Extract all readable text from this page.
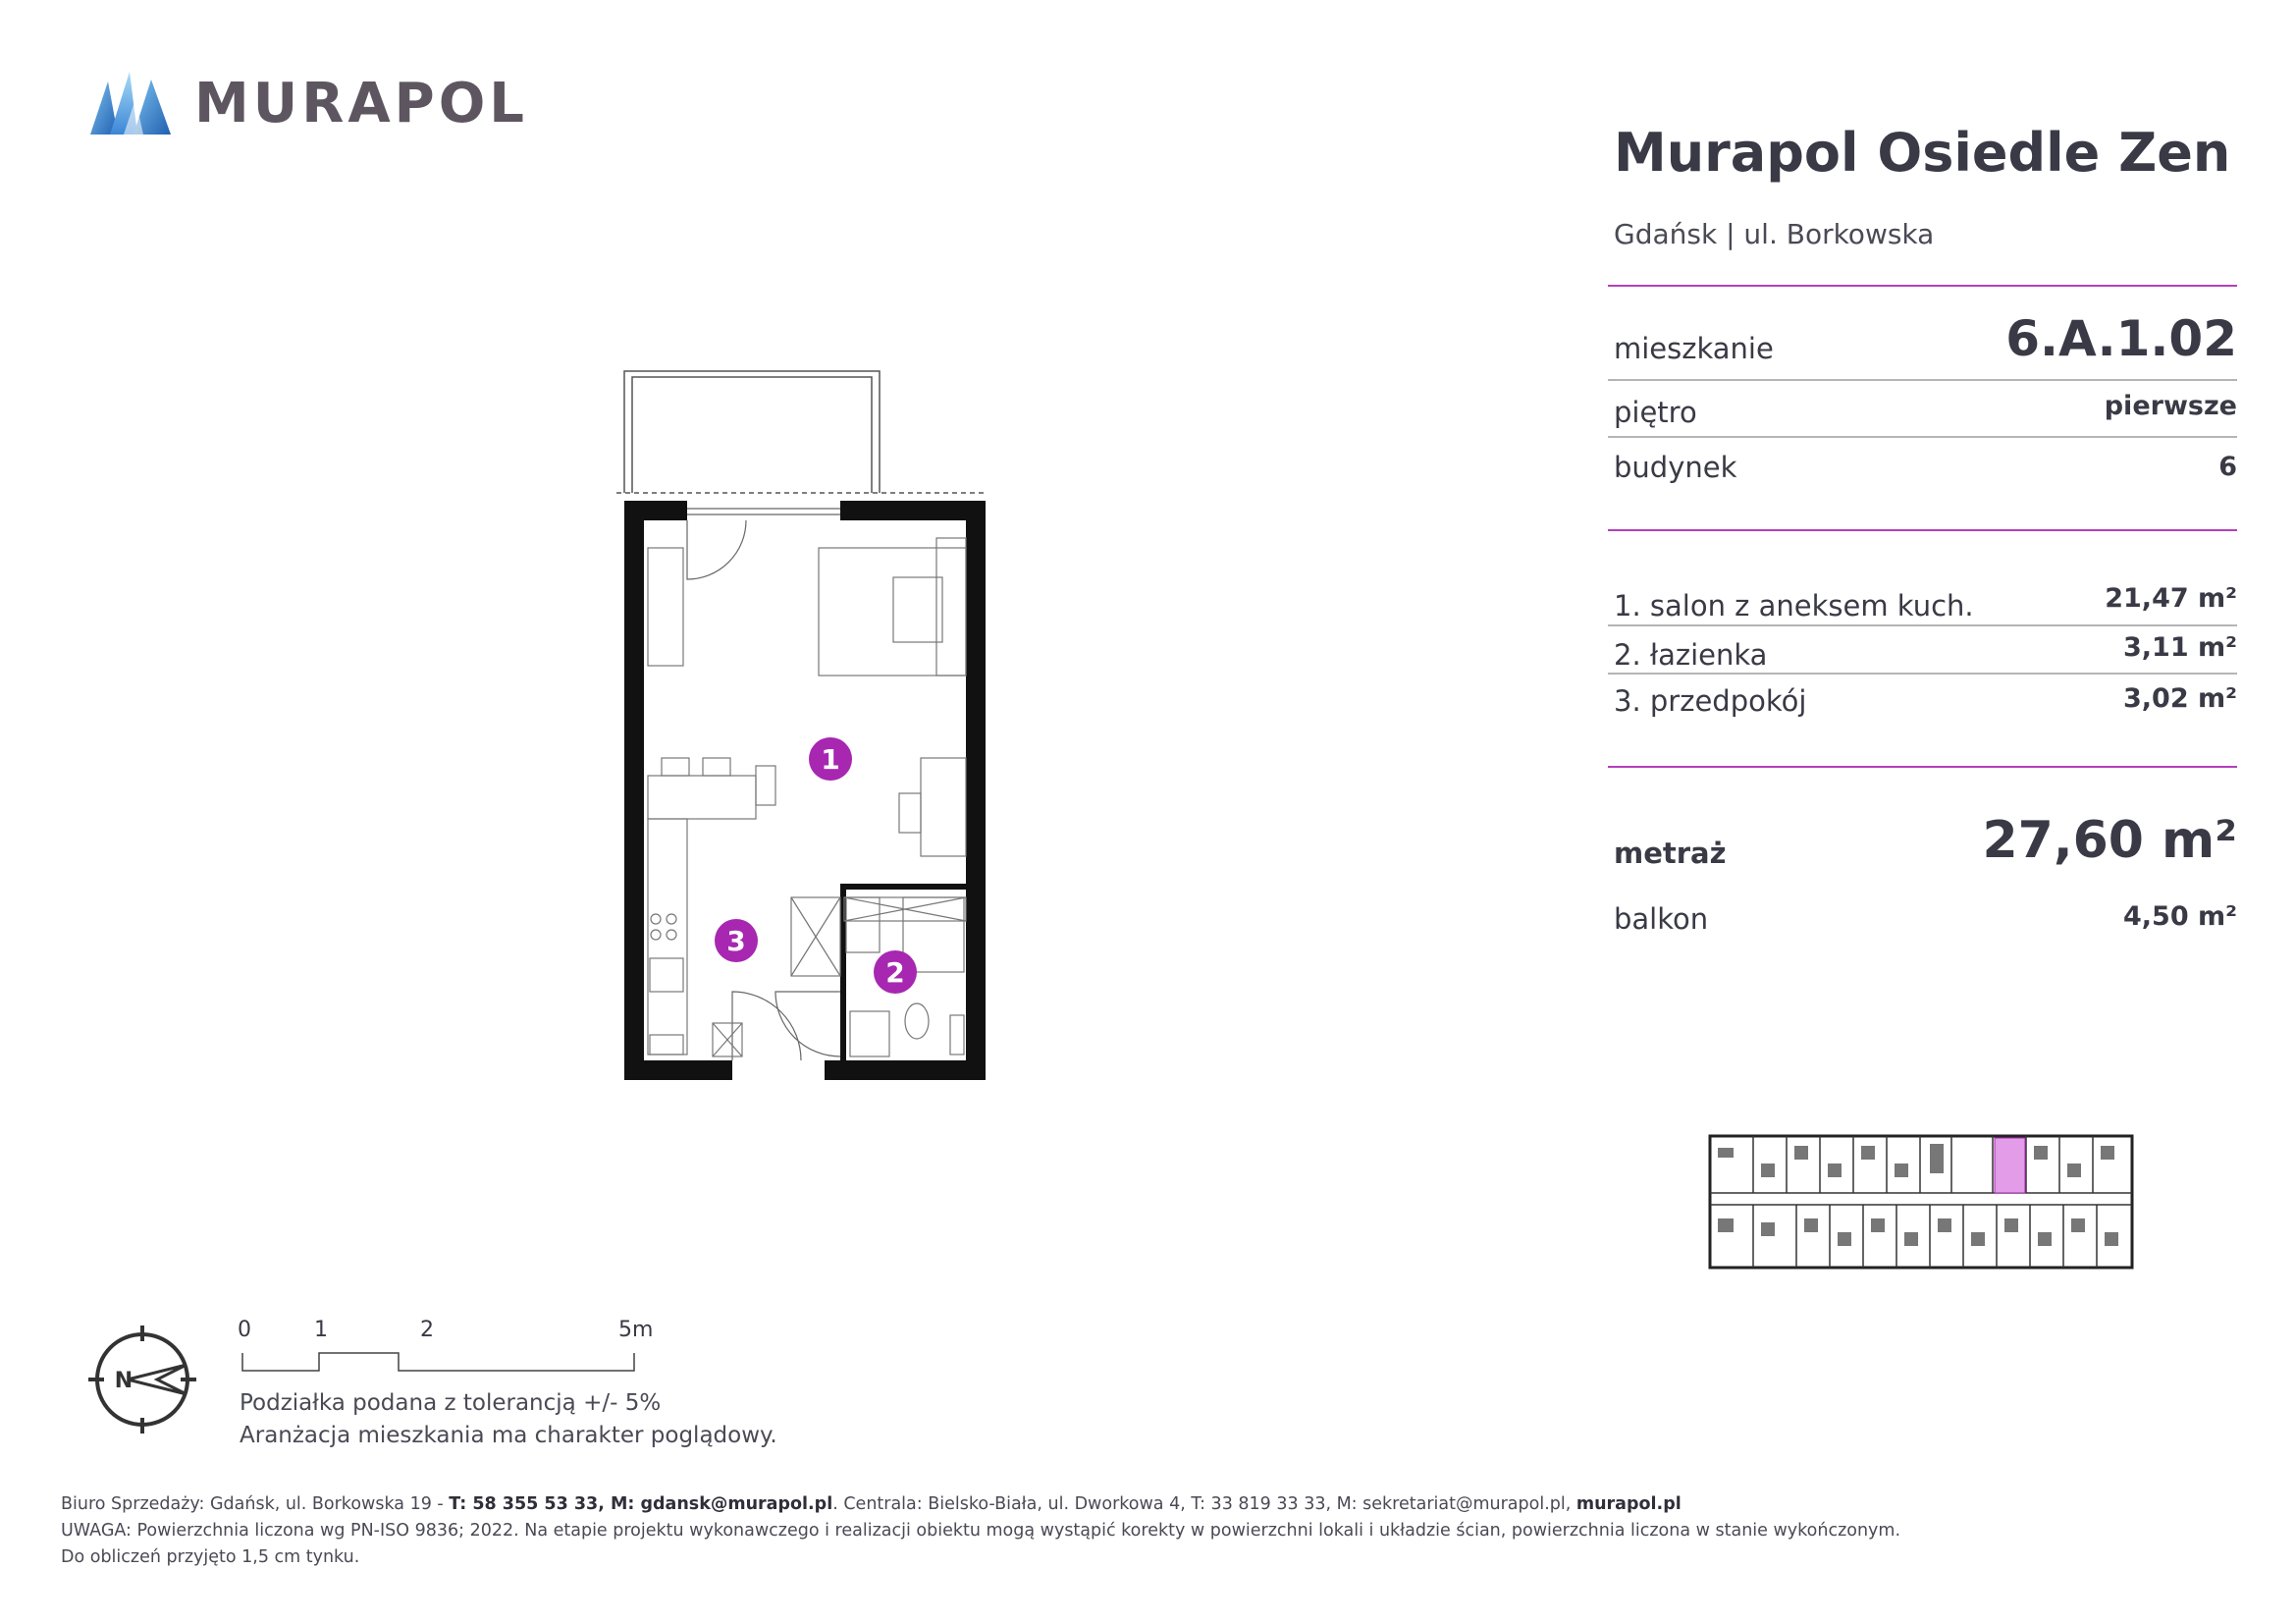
MURAPOL
Murapol Osiedle Zen
Gdańsk | ul. Borkowska
mieszkanie	6.A.1.02
piętro	pierwsze
budynek	6
1. salon z aneksem kuch.	21,47 m²
2. łazienka	3,11 m²
3. przedpokój	3,02 m²
metraż	27,60 m²
balkon	4,50 m²
1
2
3
N
0	1	2	5m
Podziałka podana z tolerancją +/- 5%
Aranżacja mieszkania ma charakter poglądowy.
Biuro Sprzedaży: Gdańsk, ul. Borkowska 19 - T: 58 355 53 33, M: gdansk@murapol.pl. Centrala: Bielsko-Biała, ul. Dworkowa 4, T: 33 819 33 33, M: sekretariat@murapol.pl, murapol.pl
UWAGA: Powierzchnia liczona wg PN-ISO 9836; 2022. Na etapie projektu wykonawczego i realizacji obiektu mogą wystąpić korekty w powierzchni lokali i układzie ścian, powierzchnia liczona w stanie wykończonym.
Do obliczeń przyjęto 1,5 cm tynku.
